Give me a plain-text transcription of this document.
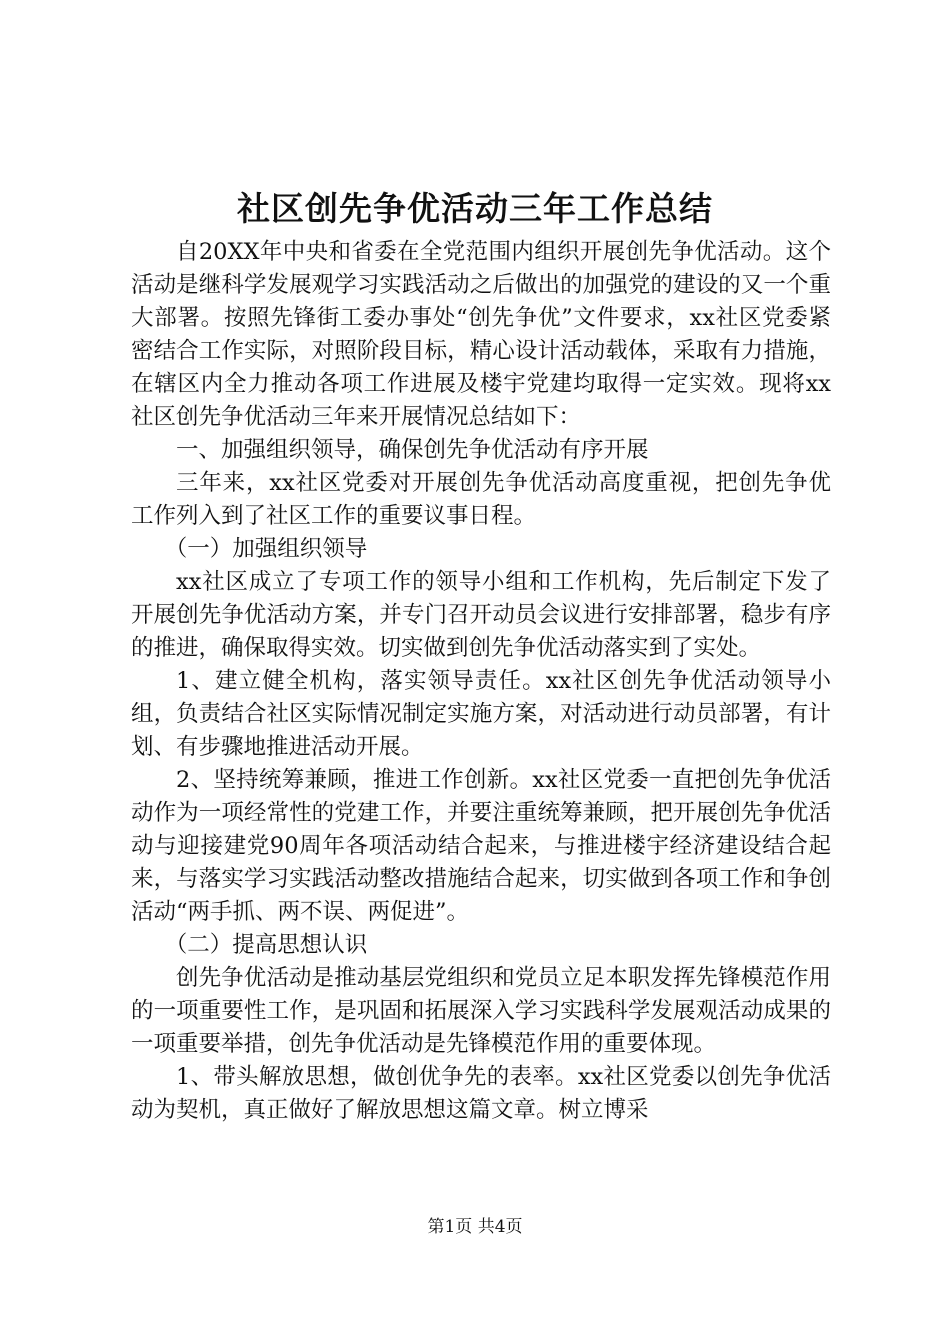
社区创先争优活动三年工作总结

自20XX年中央和省委在全党范围内组织开展创先争优活动。这个活动是继科学发展观学习实践活动之后做出的加强党的建设的又一个重大部署。按照先锋街工委办事处“创先争优”文件要求，xx社区党委紧密结合工作实际，对照阶段目标，精心设计活动载体，采取有力措施，在辖区内全力推动各项工作进展及楼宇党建均取得一定实效。现将xx社区创先争优活动三年来开展情况总结如下：

一、加强组织领导，确保创先争优活动有序开展

三年来，xx社区党委对开展创先争优活动高度重视，把创先争优工作列入到了社区工作的重要议事日程。

（一）加强组织领导

xx社区成立了专项工作的领导小组和工作机构，先后制定下发了开展创先争优活动方案，并专门召开动员会议进行安排部署，稳步有序的推进，确保取得实效。切实做到创先争优活动落实到了实处。

1、建立健全机构，落实领导责任。xx社区创先争优活动领导小组，负责结合社区实际情况制定实施方案，对活动进行动员部署，有计划、有步骤地推进活动开展。

2、坚持统筹兼顾，推进工作创新。xx社区党委一直把创先争优活动作为一项经常性的党建工作，并要注重统筹兼顾，把开展创先争优活动与迎接建党90周年各项活动结合起来，与推进楼宇经济建设结合起来，与落实学习实践活动整改措施结合起来，切实做到各项工作和争创活动“两手抓、两不误、两促进”。

（二）提高思想认识

创先争优活动是推动基层党组织和党员立足本职发挥先锋模范作用的一项重要性工作，是巩固和拓展深入学习实践科学发展观活动成果的一项重要举措，创先争优活动是先锋模范作用的重要体现。

1、带头解放思想，做创优争先的表率。xx社区党委以创先争优活动为契机，真正做好了解放思想这篇文章。树立博采

第1页 共4页
